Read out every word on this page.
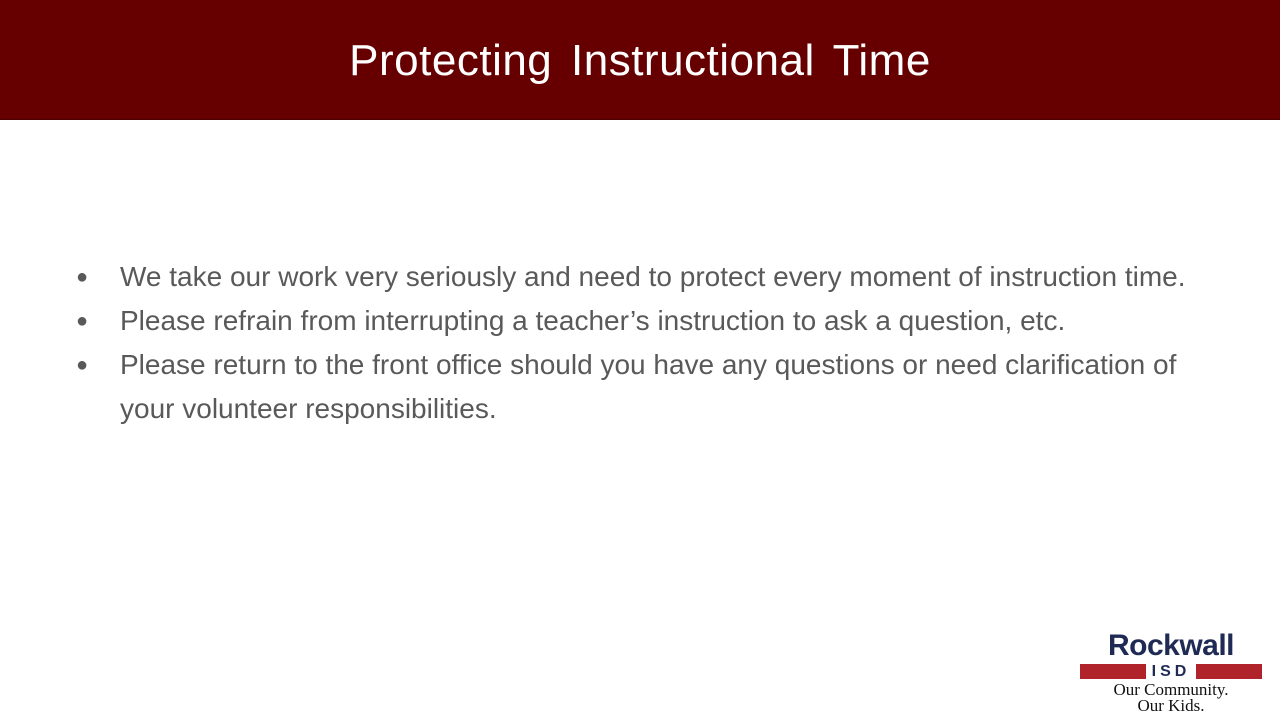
Protecting Instructional Time
● We take our work very seriously and need to protect every moment of instruction time.
● Please refrain from interrupting a teacher’s instruction to ask a question, etc.
● Please return to the front office should you have any questions or need clarification of your volunteer responsibilities.
Rockwall
ISD
Our Community.
Our Kids.
